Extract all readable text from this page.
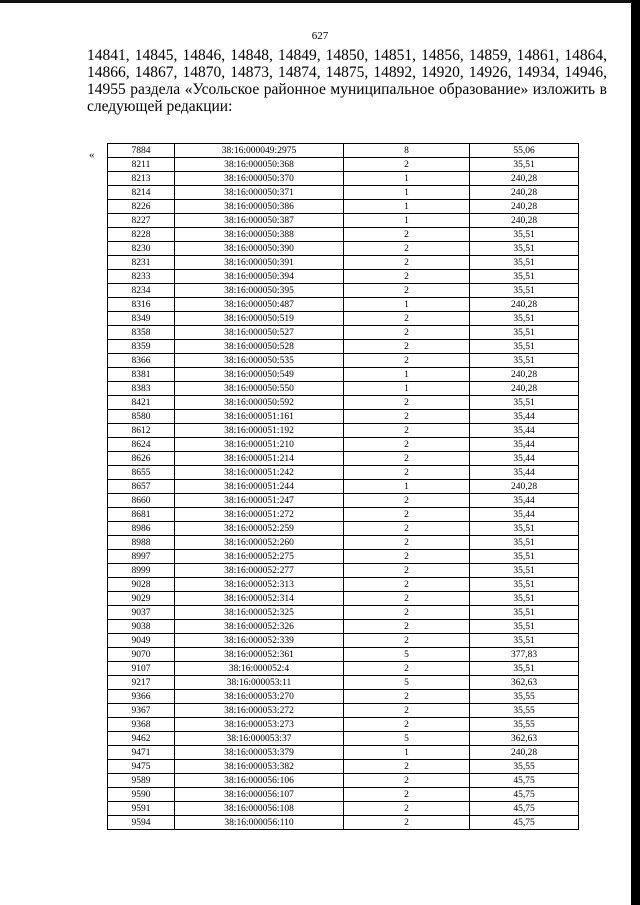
627
14841, 14845, 14846, 14848, 14849, 14850, 14851, 14856, 14859, 14861, 14864, 14866, 14867, 14870, 14873, 14874, 14875, 14892, 14920, 14926, 14934, 14946, 14955 раздела «Усольское районное муниципальное образование» изложить в следующей редакции:
«	7884	38:16:000049:2975	8	55,06
8211	38:16:000050:368	2	35,51
8213	38:16:000050:370	1	240,28
8214	38:16:000050:371	1	240,28
8226	38:16:000050:386	1	240,28
8227	38:16:000050:387	1	240,28
8228	38:16:000050:388	2	35,51
8230	38:16:000050:390	2	35,51
8231	38:16:000050:391	2	35,51
8233	38:16:000050:394	2	35,51
8234	38:16:000050:395	2	35,51
8316	38:16:000050:487	1	240,28
8349	38:16:000050:519	2	35,51
8358	38:16:000050:527	2	35,51
8359	38:16:000050:528	2	35,51
8366	38:16:000050:535	2	35,51
8381	38:16:000050:549	1	240,28
8383	38:16:000050:550	1	240,28
8421	38:16:000050:592	2	35,51
8580	38:16:000051:161	2	35,44
8612	38:16:000051:192	2	35,44
8624	38:16:000051:210	2	35,44
8626	38:16:000051:214	2	35,44
8655	38:16:000051:242	2	35,44
8657	38:16:000051:244	1	240,28
8660	38:16:000051:247	2	35,44
8681	38:16:000051:272	2	35,44
8986	38:16:000052:259	2	35,51
8988	38:16:000052:260	2	35,51
8997	38:16:000052:275	2	35,51
8999	38:16:000052:277	2	35,51
9028	38:16:000052:313	2	35,51
9029	38:16:000052:314	2	35,51
9037	38:16:000052:325	2	35,51
9038	38:16:000052:326	2	35,51
9049	38:16:000052:339	2	35,51
9070	38:16:000052:361	5	377,83
9107	38:16:000052:4	2	35,51
9217	38:16:000053:11	5	362,63
9366	38:16:000053:270	2	35,55
9367	38:16:000053:272	2	35,55
9368	38:16:000053:273	2	35,55
9462	38:16:000053:37	5	362,63
9471	38:16:000053:379	1	240,28
9475	38:16:000053:382	2	35,55
9589	38:16:000056:106	2	45,75
9590	38:16:000056:107	2	45,75
9591	38:16:000056:108	2	45,75
9594	38:16:000056:110	2	45,75
